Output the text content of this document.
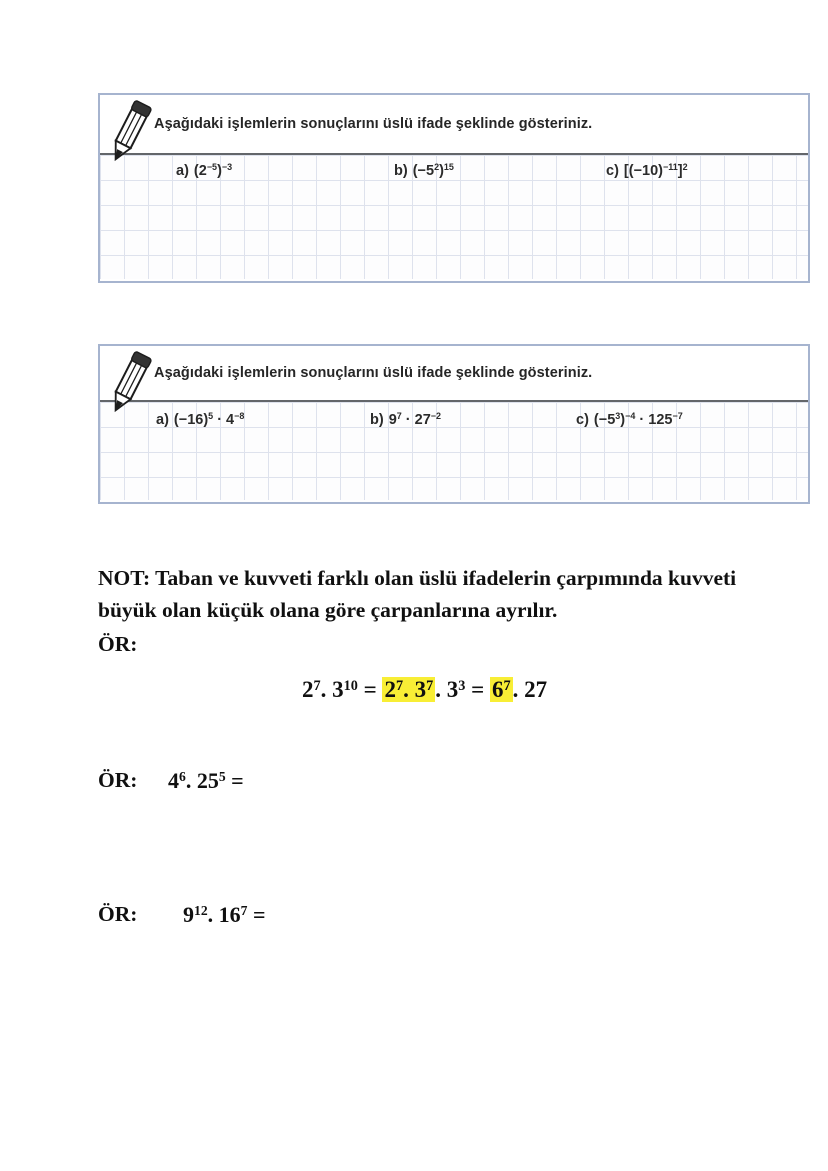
Aşağıdaki işlemlerin sonuçlarını üslü ifade şeklinde gösteriniz.
a) $(2^{-5})^{-3}$	b) $(-5^2)^{15}$	c) $[(-10)^{-11}]^2$
Aşağıdaki işlemlerin sonuçlarını üslü ifade şeklinde gösteriniz.
a) $(-16)^5 \cdot 4^{-8}$	b) $9^7 \cdot 27^{-2}$	c) $(-5^3)^{-4} \cdot 125^{-7}$
NOT: Taban ve kuvveti farklı olan üslü ifadelerin çarpımında kuvveti
büyük olan küçük olana göre çarpanlarına ayrılır.
ÖR:
$2^7$. $3^{10} = 2^7$. $3^7$. $3^3 = 6^7$. 27
ÖR: $4^6$. $25^5$ =
ÖR: $9^{12}$. $16^7$ =
